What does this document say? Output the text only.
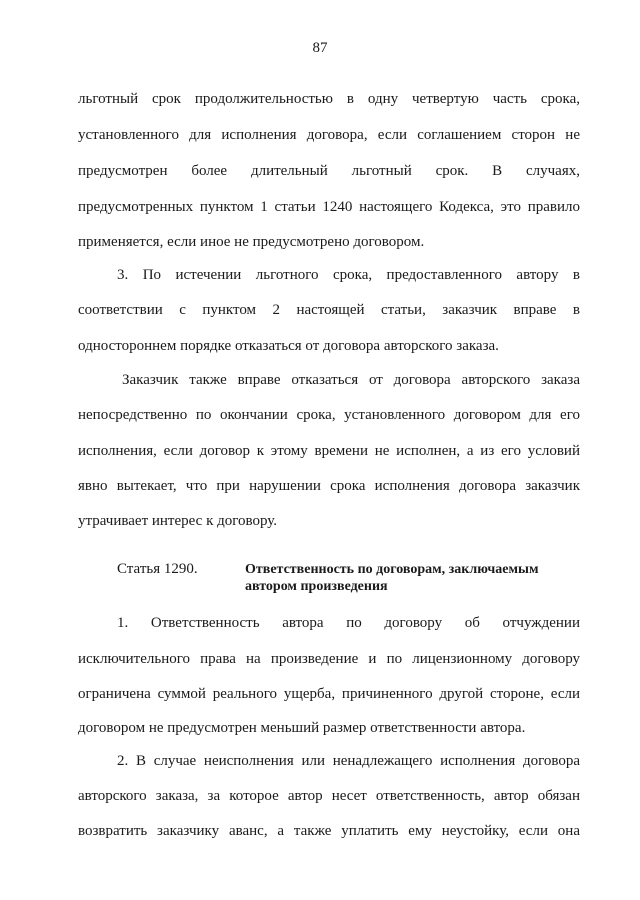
87
льготный срок продолжительностью в одну четвертую часть срока,
установленного для исполнения договора, если соглашением сторон не
предусмотрен более длительный льготный срок. В случаях,
предусмотренных пунктом 1 статьи 1240 настоящего Кодекса, это правило
применяется, если иное не предусмотрено договором.
3. По истечении льготного срока, предоставленного автору в
соответствии с пунктом 2 настоящей статьи, заказчик вправе в
одностороннем порядке отказаться от договора авторского заказа.
Заказчик также вправе отказаться от договора авторского заказа
непосредственно по окончании срока, установленного договором для его
исполнения, если договор к этому времени не исполнен, а из его условий
явно вытекает, что при нарушении срока исполнения договора заказчик
утрачивает интерес к договору.
Статья 1290.	Ответственность по договорам, заключаемым автором произведения
1. Ответственность автора по договору об отчуждении
исключительного права на произведение и по лицензионному договору
ограничена суммой реального ущерба, причиненного другой стороне, если
договором не предусмотрен меньший размер ответственности автора.
2. В случае неисполнения или ненадлежащего исполнения договора
авторского заказа, за которое автор несет ответственность, автор обязан
возвратить заказчику аванс, а также уплатить ему неустойку, если она
